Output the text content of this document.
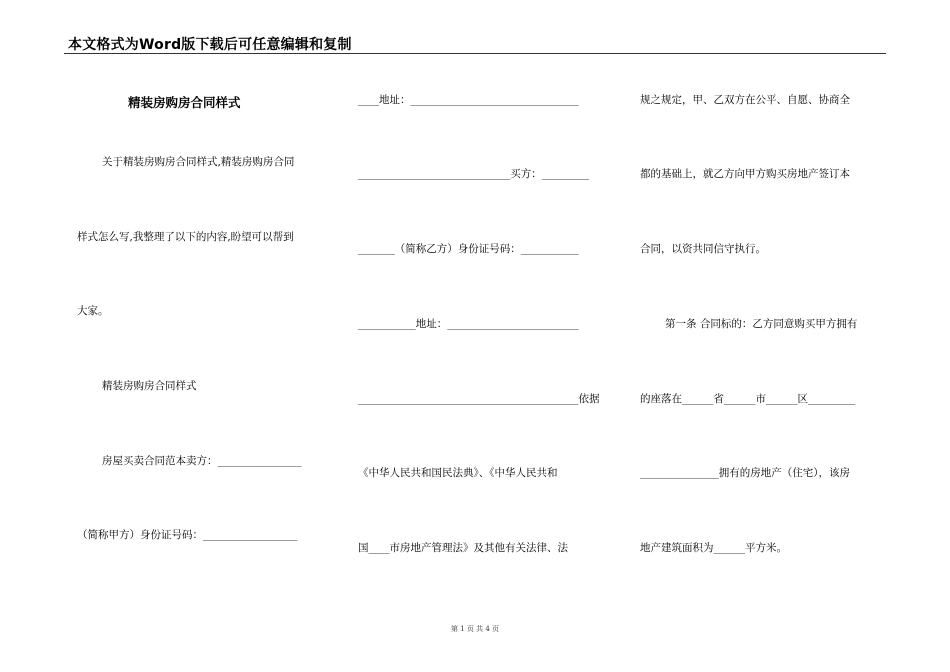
本文格式为Word版下载后可任意编辑和复制
精装房购房合同样式
关于精装房购房合同样式,精装房购房合同
样式怎么写,我整理了以下的内容,盼望可以帮到
大家。
精装房购房合同样式
房屋买卖合同范本卖方：________________
（简称甲方）身份证号码：__________________
____地址：________________________________
_____________________________买方：_________
_______（简称乙方）身份证号码：___________
___________地址：_________________________
__________________________________________依据
《中华人民共和国民法典》、《中华人民共和
国____市房地产管理法》及其他有关法律、法
规之规定，甲、乙双方在公平、自愿、协商全
都的基础上，就乙方向甲方购买房地产签订本
合同，以资共同信守执行。
第一条 合同标的：乙方同意购买甲方拥有
的座落在______省______市______区_________
_______________拥有的房地产（住宅），该房
地产建筑面积为______平方米。
第 1 页 共 4 页
